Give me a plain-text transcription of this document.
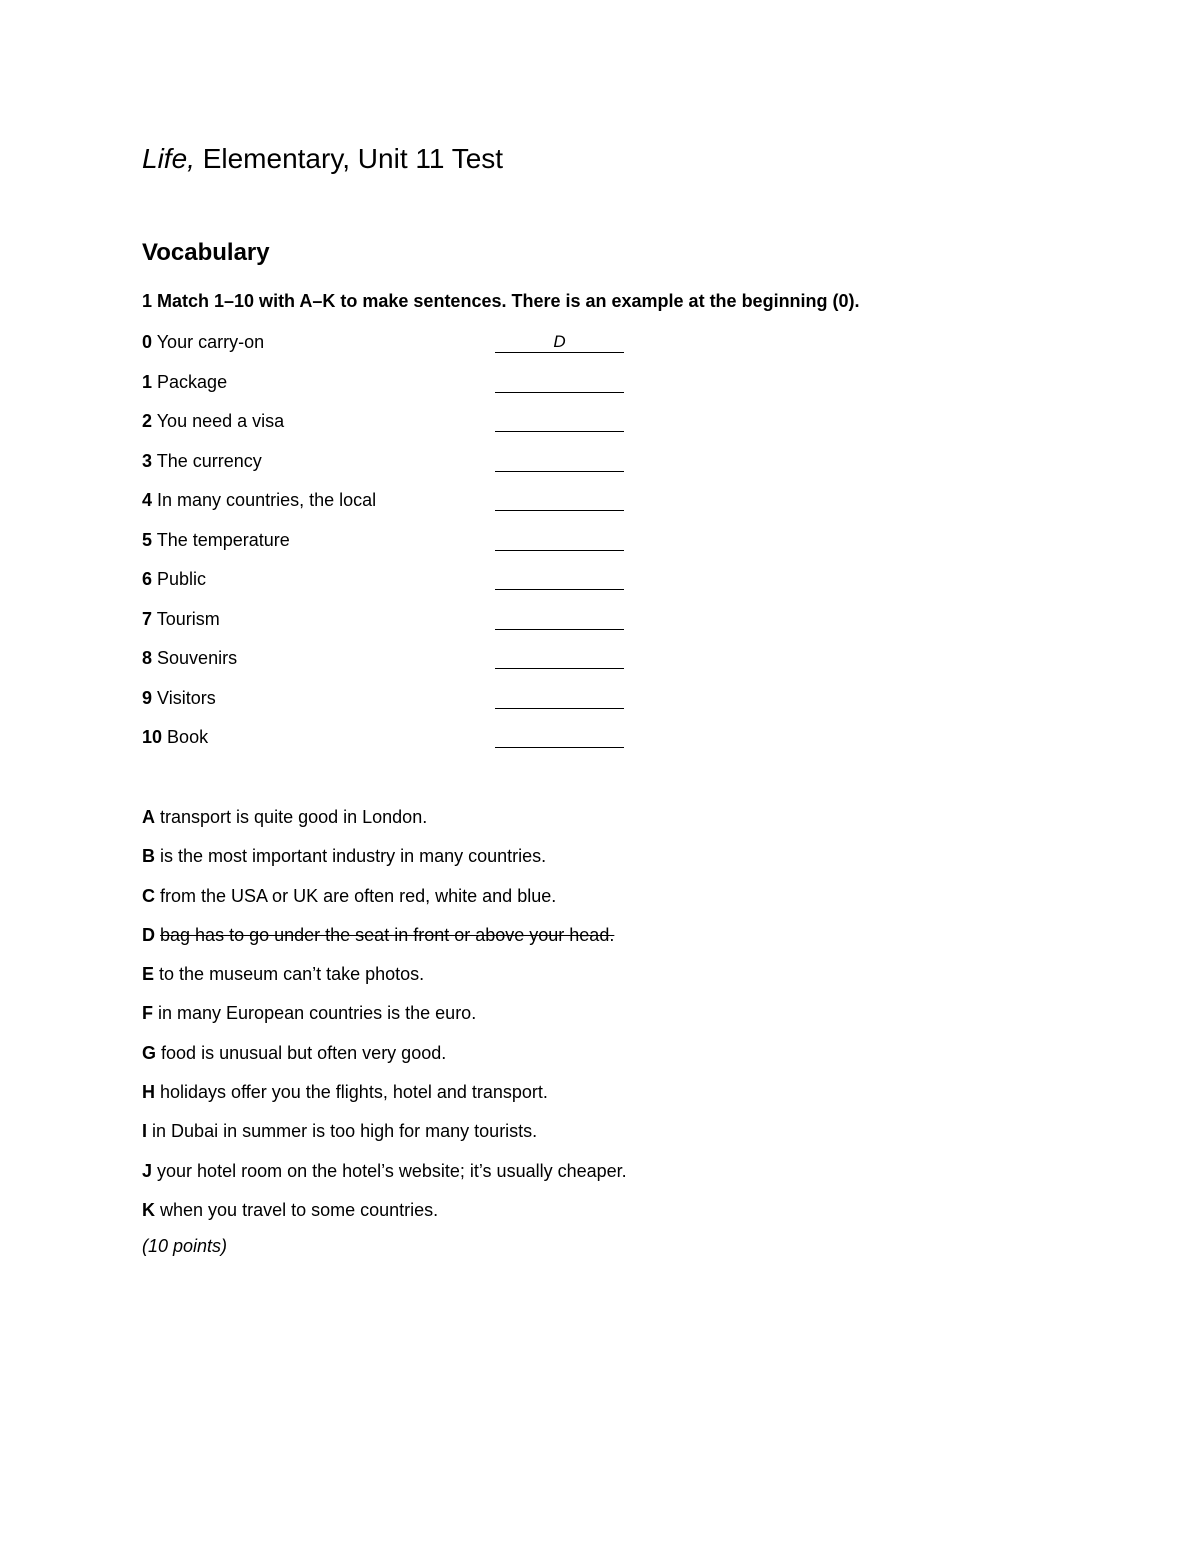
Life, Elementary, Unit 11 Test
Vocabulary
1 Match 1–10 with A–K to make sentences. There is an example at the beginning (0).
0 Your carry-on	D
1 Package
2 You need a visa
3 The currency
4 In many countries, the local
5 The temperature
6 Public
7 Tourism
8 Souvenirs
9 Visitors
10 Book
A transport is quite good in London.
B is the most important industry in many countries.
C from the USA or UK are often red, white and blue.
D bag has to go under the seat in front or above your head.
E to the museum can’t take photos.
F in many European countries is the euro.
G food is unusual but often very good.
H holidays offer you the flights, hotel and transport.
I in Dubai in summer is too high for many tourists.
J your hotel room on the hotel’s website; it’s usually cheaper.
K when you travel to some countries.
(10 points)
